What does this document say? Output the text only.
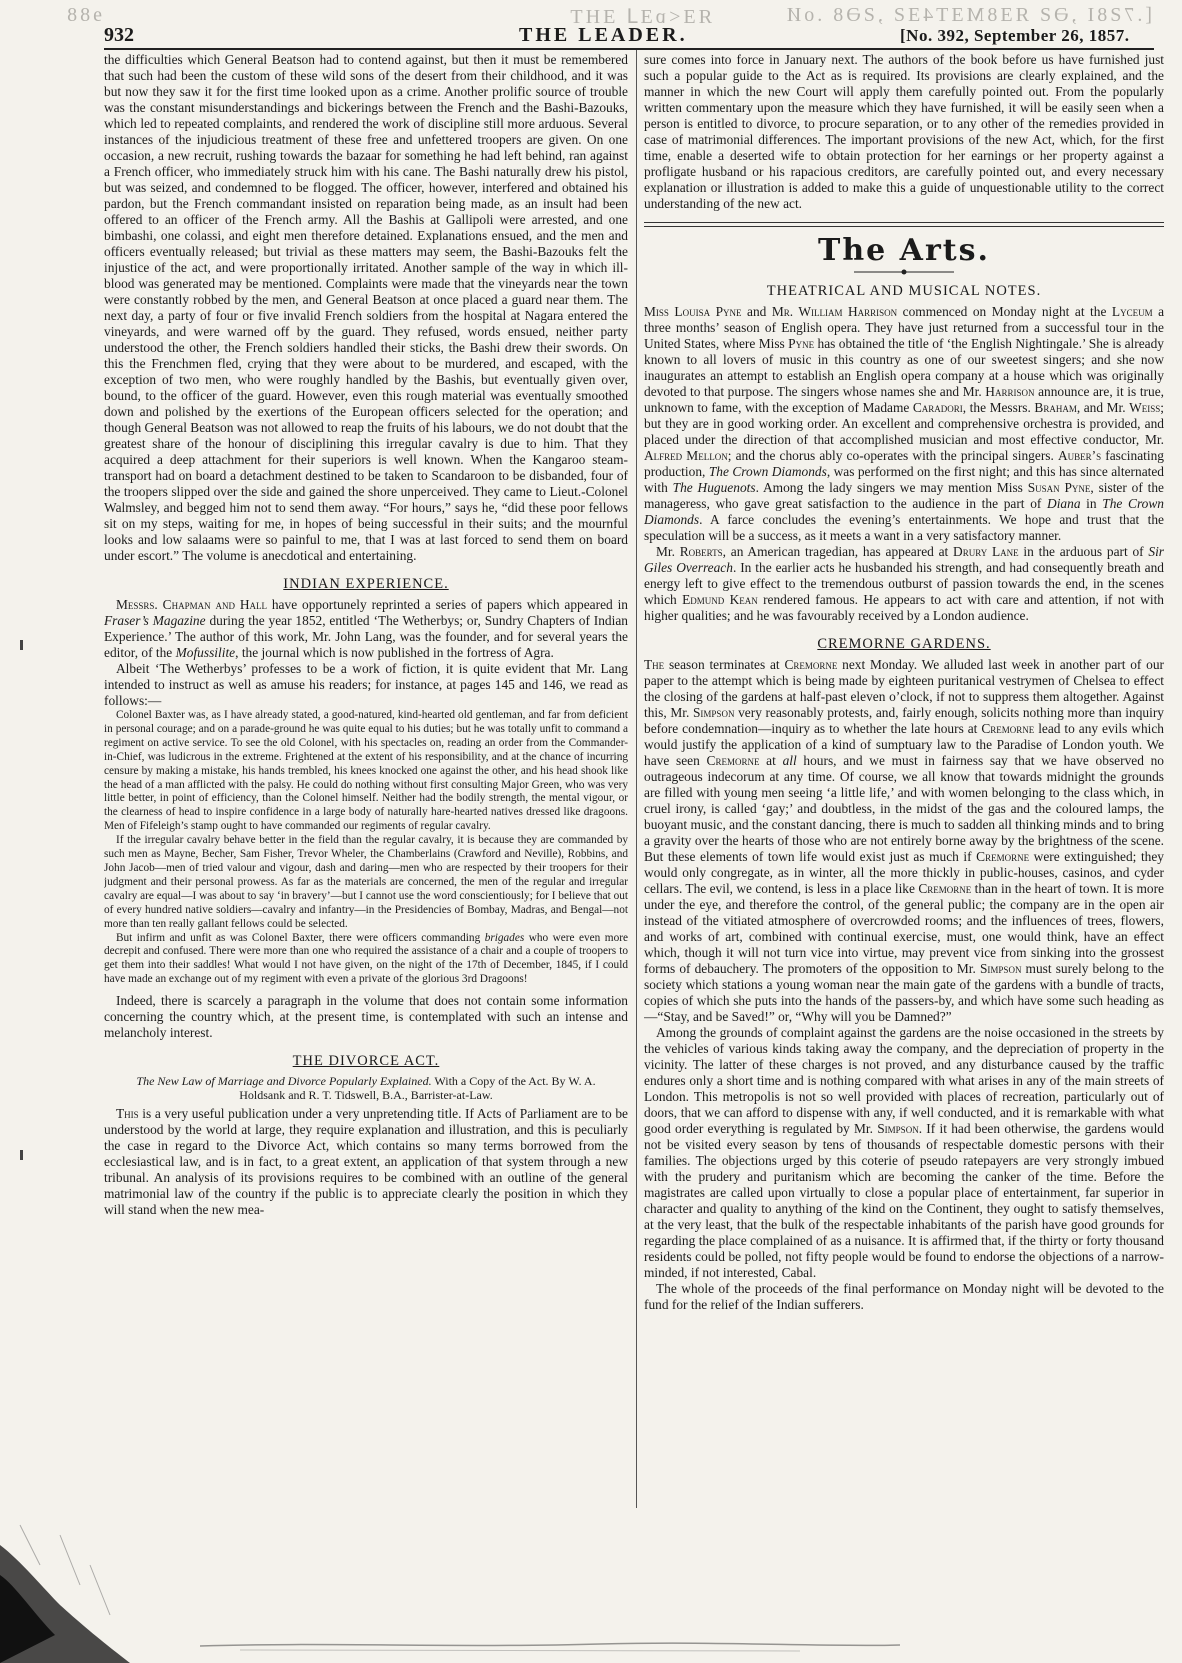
[.7Ƨ8I ,ƏƧ ЯƎ8MƎT4ƎƧ ,ƧƏ8 .oИ
ЯƎ<ɒƎ⅃ ƎHT
ɘ88
932	THE LEADER.	[No. 392, September 26, 1857.

the difficulties which General Beatson had to contend against, but then it must be remembered that such had been the custom of these wild sons of the desert from their childhood, and it was but now they saw it for the first time looked upon as a crime. Another prolific source of trouble was the constant misunderstandings and bickerings between the French and the Bashi-Bazouks, which led to repeated complaints, and rendered the work of discipline still more arduous. Several instances of the injudicious treatment of these free and unfettered troopers are given. On one occasion, a new recruit, rushing towards the bazaar for something he had left behind, ran against a French officer, who immediately struck him with his cane. The Bashi naturally drew his pistol, but was seized, and condemned to be flogged. The officer, however, interfered and obtained his pardon, but the French commandant insisted on reparation being made, as an insult had been offered to an officer of the French army. All the Bashis at Gallipoli were arrested, and one bimbashi, one colassi, and eight men therefore detained. Explanations ensued, and the men and officers eventually released; but trivial as these matters may seem, the Bashi-Bazouks felt the injustice of the act, and were proportionally irritated. Another sample of the way in which ill-blood was generated may be mentioned. Complaints were made that the vineyards near the town were constantly robbed by the men, and General Beatson at once placed a guard near them. The next day, a party of four or five invalid French soldiers from the hospital at Nagara entered the vineyards, and were warned off by the guard. They refused, words ensued, neither party understood the other, the French soldiers handled their sticks, the Bashi drew their swords. On this the Frenchmen fled, crying that they were about to be murdered, and escaped, with the exception of two men, who were roughly handled by the Bashis, but eventually given over, bound, to the officer of the guard. However, even this rough material was eventually smoothed down and polished by the exertions of the European officers selected for the operation; and though General Beatson was not allowed to reap the fruits of his labours, we do not doubt that the greatest share of the honour of disciplining this irregular cavalry is due to him. That they acquired a deep attachment for their superiors is well known. When the Kangaroo steam-transport had on board a detachment destined to be taken to Scandaroon to be disbanded, four of the troopers slipped over the side and gained the shore unperceived. They came to Lieut.-Colonel Walmsley, and begged him not to send them away. “For hours,” says he, “did these poor fellows sit on my steps, waiting for me, in hopes of being successful in their suits; and the mournful looks and low salaams were so painful to me, that I was at last forced to send them on board under escort.” The volume is anecdotical and entertaining.

INDIAN EXPERIENCE.

Messrs. Chapman and Hall have opportunely reprinted a series of papers which appeared in Fraser’s Magazine during the year 1852, entitled ‘The Wetherbys; or, Sundry Chapters of Indian Experience.’ The author of this work, Mr. John Lang, was the founder, and for several years the editor, of the Mofussilite, the journal which is now published in the fortress of Agra.

Albeit ‘The Wetherbys’ professes to be a work of fiction, it is quite evident that Mr. Lang intended to instruct as well as amuse his readers; for instance, at pages 145 and 146, we read as follows:—

Colonel Baxter was, as I have already stated, a good-natured, kind-hearted old gentleman, and far from deficient in personal courage; and on a parade-ground he was quite equal to his duties; but he was totally unfit to command a regiment on active service. To see the old Colonel, with his spectacles on, reading an order from the Commander-in-Chief, was ludicrous in the extreme. Frightened at the extent of his responsibility, and at the chance of incurring censure by making a mistake, his hands trembled, his knees knocked one against the other, and his head shook like the head of a man afflicted with the palsy. He could do nothing without first consulting Major Green, who was very little better, in point of efficiency, than the Colonel himself. Neither had the bodily strength, the mental vigour, or the clearness of head to inspire confidence in a large body of naturally hare-hearted natives dressed like dragoons. Men of Fifeleigh’s stamp ought to have commanded our regiments of regular cavalry.

If the irregular cavalry behave better in the field than the regular cavalry, it is because they are commanded by such men as Mayne, Becher, Sam Fisher, Trevor Wheler, the Chamberlains (Crawford and Neville), Robbins, and John Jacob—men of tried valour and vigour, dash and daring—men who are respected by their troopers for their judgment and their personal prowess. As far as the materials are concerned, the men of the regular and irregular cavalry are equal—I was about to say ‘in bravery’—but I cannot use the word conscientiously; for I believe that out of every hundred native soldiers—cavalry and infantry—in the Presidencies of Bombay, Madras, and Bengal—not more than ten really gallant fellows could be selected.

But infirm and unfit as was Colonel Baxter, there were officers commanding brigades who were even more decrepit and confused. There were more than one who required the assistance of a chair and a couple of troopers to get them into their saddles! What would I not have given, on the night of the 17th of December, 1845, if I could have made an exchange out of my regiment with even a private of the glorious 3rd Dragoons!

Indeed, there is scarcely a paragraph in the volume that does not contain some information concerning the country which, at the present time, is contemplated with such an intense and melancholy interest.

THE DIVORCE ACT.

The New Law of Marriage and Divorce Popularly Explained. With a Copy of the Act. By W. A. Holdsank and R. T. Tidswell, B.A., Barrister-at-Law.

This is a very useful publication under a very unpretending title. If Acts of Parliament are to be understood by the world at large, they require explanation and illustration, and this is peculiarly the case in regard to the Divorce Act, which contains so many terms borrowed from the ecclesiastical law, and is in fact, to a great extent, an application of that system through a new tribunal. An analysis of its provisions requires to be combined with an outline of the general matrimonial law of the country if the public is to appreciate clearly the position in which they will stand when the new mea-

sure comes into force in January next. The authors of the book before us have furnished just such a popular guide to the Act as is required. Its provisions are clearly explained, and the manner in which the new Court will apply them carefully pointed out. From the popularly written commentary upon the measure which they have furnished, it will be easily seen when a person is entitled to divorce, to procure separation, or to any other of the remedies provided in case of matrimonial differences. The important provisions of the new Act, which, for the first time, enable a deserted wife to obtain protection for her earnings or her property against a profligate husband or his rapacious creditors, are carefully pointed out, and every necessary explanation or illustration is added to make this a guide of unquestionable utility to the correct understanding of the new act.

The Arts.
THEATRICAL AND MUSICAL NOTES.

Miss Louisa Pyne and Mr. William Harrison commenced on Monday night at the Lyceum a three months’ season of English opera. They have just returned from a successful tour in the United States, where Miss Pyne has obtained the title of ‘the English Nightingale.’ She is already known to all lovers of music in this country as one of our sweetest singers; and she now inaugurates an attempt to establish an English opera company at a house which was originally devoted to that purpose. The singers whose names she and Mr. Harrison announce are, it is true, unknown to fame, with the exception of Madame Caradori, the Messrs. Braham, and Mr. Weiss; but they are in good working order. An excellent and comprehensive orchestra is provided, and placed under the direction of that accomplished musician and most effective conductor, Mr. Alfred Mellon; and the chorus ably co-operates with the principal singers. Auber’s fascinating production, The Crown Diamonds, was performed on the first night; and this has since alternated with The Huguenots. Among the lady singers we may mention Miss Susan Pyne, sister of the manageress, who gave great satisfaction to the audience in the part of Diana in The Crown Diamonds. A farce concludes the evening’s entertainments. We hope and trust that the speculation will be a success, as it meets a want in a very satisfactory manner.

Mr. Roberts, an American tragedian, has appeared at Drury Lane in the arduous part of Sir Giles Overreach. In the earlier acts he husbanded his strength, and had consequently breath and energy left to give effect to the tremendous outburst of passion towards the end, in the scenes which Edmund Kean rendered famous. He appears to act with care and attention, if not with higher qualities; and he was favourably received by a London audience.

CREMORNE GARDENS.

The season terminates at Cremorne next Monday. We alluded last week in another part of our paper to the attempt which is being made by eighteen puritanical vestrymen of Chelsea to effect the closing of the gardens at half-past eleven o’clock, if not to suppress them altogether. Against this, Mr. Simpson very reasonably protests, and, fairly enough, solicits nothing more than inquiry before condemnation—inquiry as to whether the late hours at Cremorne lead to any evils which would justify the application of a kind of sumptuary law to the Paradise of London youth. We have seen Cremorne at all hours, and we must in fairness say that we have observed no outrageous indecorum at any time. Of course, we all know that towards midnight the grounds are filled with young men seeing ‘a little life,’ and with women belonging to the class which, in cruel irony, is called ‘gay;’ and doubtless, in the midst of the gas and the coloured lamps, the buoyant music, and the constant dancing, there is much to sadden all thinking minds and to bring a gravity over the hearts of those who are not entirely borne away by the brightness of the scene. But these elements of town life would exist just as much if Cremorne were extinguished; they would only congregate, as in winter, all the more thickly in public-houses, casinos, and cyder cellars. The evil, we contend, is less in a place like Cremorne than in the heart of town. It is more under the eye, and therefore the control, of the general public; the company are in the open air instead of the vitiated atmosphere of overcrowded rooms; and the influences of trees, flowers, and works of art, combined with continual exercise, must, one would think, have an effect which, though it will not turn vice into virtue, may prevent vice from sinking into the grossest forms of debauchery. The promoters of the opposition to Mr. Simpson must surely belong to the society which stations a young woman near the main gate of the gardens with a bundle of tracts, copies of which she puts into the hands of the passers-by, and which have some such heading as—“Stay, and be Saved!” or, “Why will you be Damned?”

Among the grounds of complaint against the gardens are the noise occasioned in the streets by the vehicles of various kinds taking away the company, and the depreciation of property in the vicinity. The latter of these charges is not proved, and any disturbance caused by the traffic endures only a short time and is nothing compared with what arises in any of the main streets of London. This metropolis is not so well provided with places of recreation, particularly out of doors, that we can afford to dispense with any, if well conducted, and it is remarkable with what good order everything is regulated by Mr. Simpson. If it had been otherwise, the gardens would not be visited every season by tens of thousands of respectable domestic persons with their families. The objections urged by this coterie of pseudo ratepayers are very strongly imbued with the prudery and puritanism which are becoming the canker of the time. Before the magistrates are called upon virtually to close a popular place of entertainment, far superior in character and quality to anything of the kind on the Continent, they ought to satisfy themselves, at the very least, that the bulk of the respectable inhabitants of the parish have good grounds for regarding the place complained of as a nuisance. It is affirmed that, if the thirty or forty thousand residents could be polled, not fifty people would be found to endorse the objections of a narrow-minded, if not interested, Cabal.

The whole of the proceeds of the final performance on Monday night will be devoted to the fund for the relief of the Indian sufferers.
